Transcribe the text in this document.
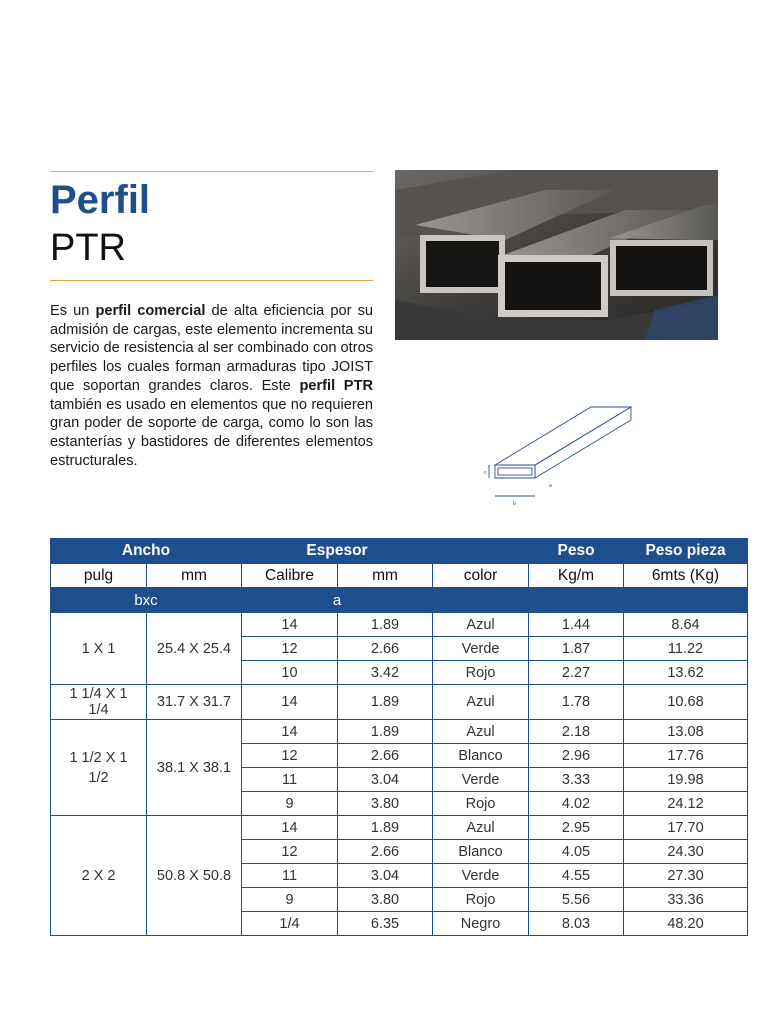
Perfil
PTR
Es un perfil comercial de alta eficiencia por su admisión de cargas, este elemento incrementa su servicio de resistencia al ser combinado con otros perfiles los cuales forman armaduras tipo JOIST que soportan grandes claros. Este perfil PTR también es usado en elementos que no requieren gran poder de soporte de carga, como lo son las estanterías y bastidores de diferentes elementos estructurales.
c
a
b
Ancho		Espesor			Peso	Peso pieza
pulg	mm	Calibre	mm	color	Kg/m	6mts (Kg)
bxc		a				
1 X 1	25.4 X 25.4	14	1.89	Azul	1.44	8.64
		12	2.66	Verde	1.87	11.22
		10	3.42	Rojo	2.27	13.62
1 1/4 X 1 1/4	31.7 X 31.7	14	1.89	Azul	1.78	10.68
1 1/2 X 1 1/2	38.1 X 38.1	14	1.89	Azul	2.18	13.08
		12	2.66	Blanco	2.96	17.76
		11	3.04	Verde	3.33	19.98
		9	3.80	Rojo	4.02	24.12
2 X 2	50.8 X 50.8	14	1.89	Azul	2.95	17.70
		12	2.66	Blanco	4.05	24.30
		11	3.04	Verde	4.55	27.30
		9	3.80	Rojo	5.56	33.36
		1/4	6.35	Negro	8.03	48.20
